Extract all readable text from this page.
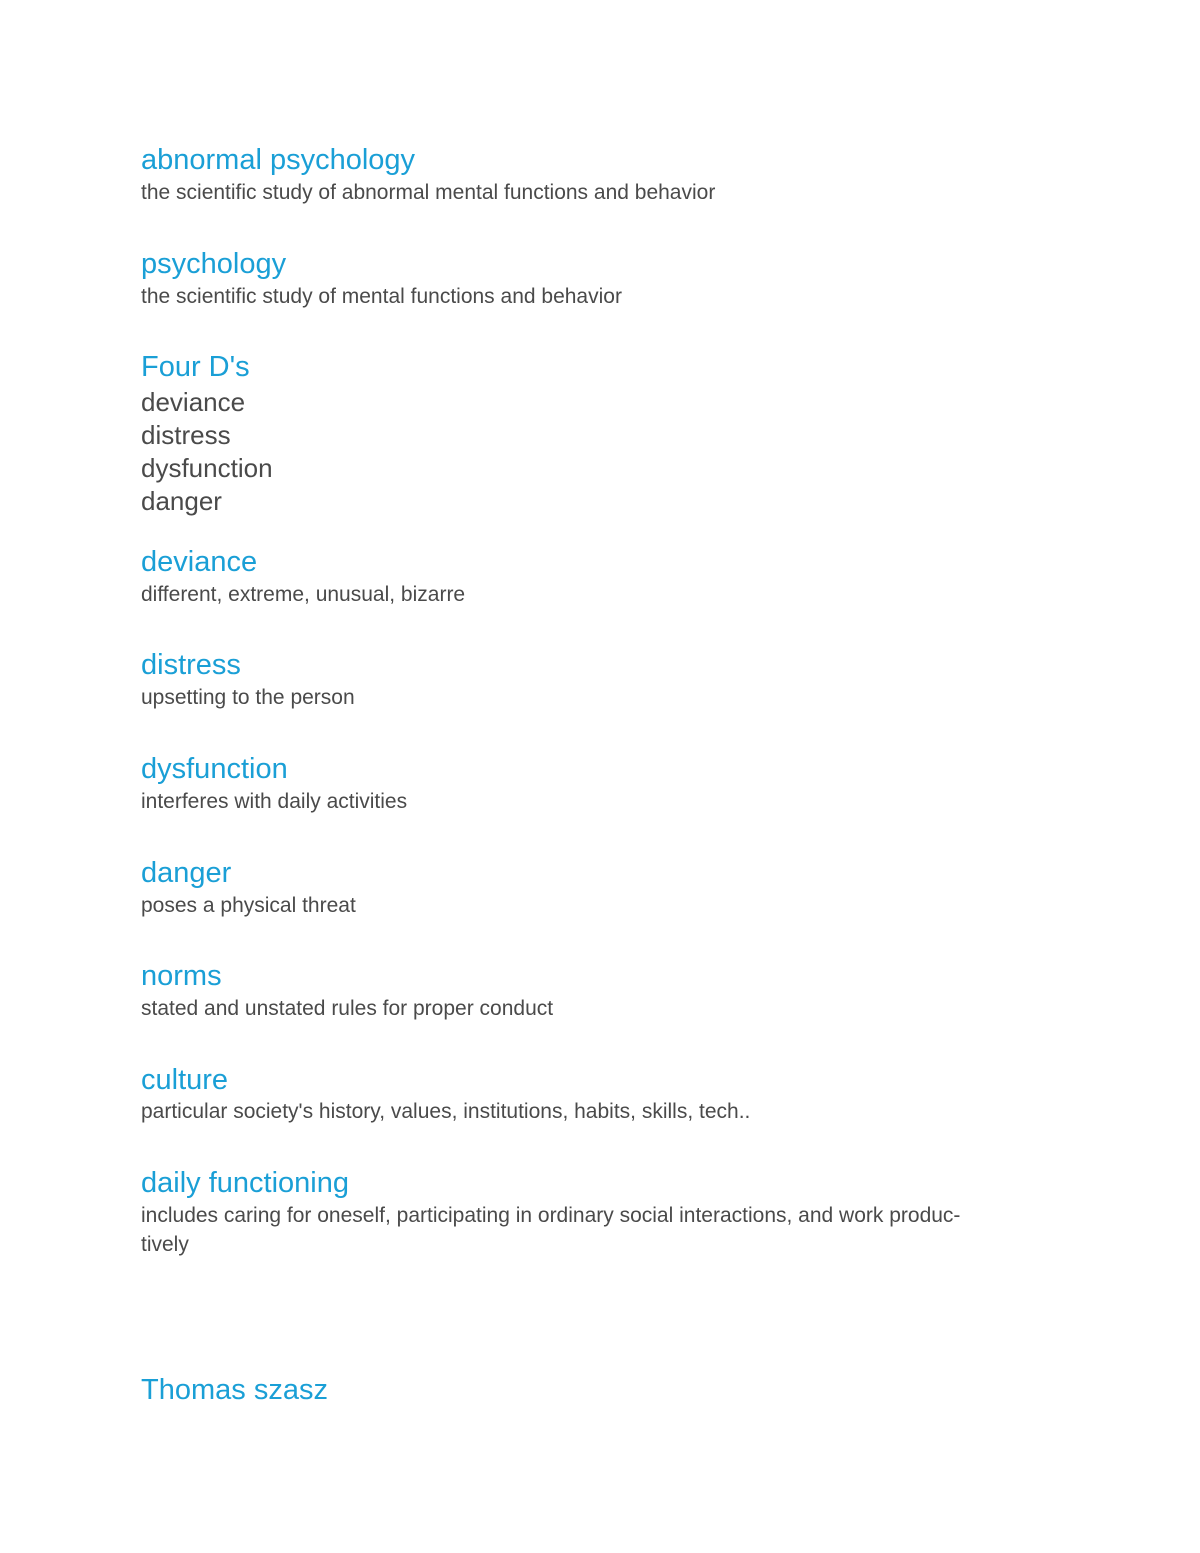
abnormal psychology

the scientific study of abnormal mental functions and behavior

psychology

the scientific study of mental functions and behavior

Four D's

deviance

distress

dysfunction

danger

deviance

different, extreme, unusual, bizarre

distress

upsetting to the person

dysfunction

interferes with daily activities

danger

poses a physical threat

norms

stated and unstated rules for proper conduct

culture

particular society's history, values, institutions, habits, skills, tech..

daily functioning

includes caring for oneself, participating in ordinary social interactions, and work produc-

tively

Thomas szasz
